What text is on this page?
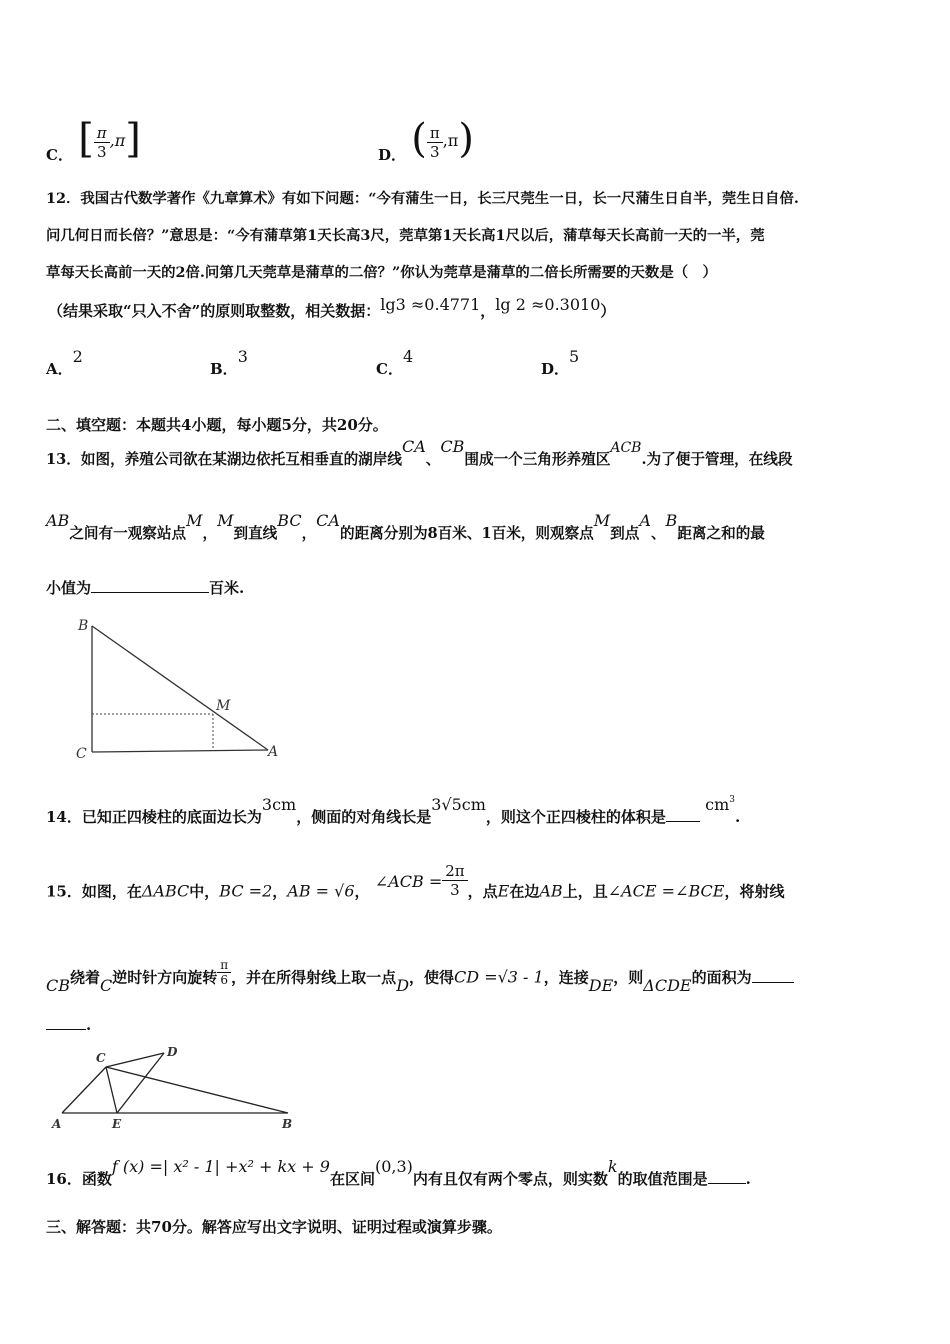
C． [ $\frac{\pi}{3} ,\pi$]	D． ( $\frac{\pi}{3} ,\pi$)
12．我国古代数学著作《九章算术》有如下问题：“今有蒲生一日，长三尺莞生一日，长一尺蒲生日自半，莞生日自倍.
问几何日而长倍？”意思是：“今有蒲草第1天长高3尺，莞草第1天长高1尺以后，蒲草每天长高前一天的一半，莞
草每天长高前一天的2倍.问第几天莞草是蒲草的二倍？”你认为莞草是蒲草的二倍长所需要的天数是（　）
（结果采取“只入不舍”的原则取整数，相关数据：lg3 ≈0.4771，lg 2 ≈0.3010）
A．2
B．3
C．4
D．5
二、填空题：本题共4小题，每小题5分，共20分。
13．如图，养殖公司欲在某湖边依托互相垂直的湖岸线CA、CB围成一个三角形养殖区ACB.为了便于管理，在线段
AB之间有一观察站点M，M到直线BC，CA的距离分别为8百米、1百米，则观察点M到点A、B距离之和的最
小值为	百米.
B
C
M
A
14．已知正四棱柱的底面边长为3cm，侧面的对角线长是3√5cm，则这个正四棱柱的体积是 $cm^3$.
15．如图，在ΔABC中，BC =2，AB = √6， ∠ACB = $\frac{2\pi}{3}$ ，点E在边AB上，且∠ACE =∠BCE，将射线
CB绕着C逆时针方向旋转 $\frac{\pi}{6}$ ，并在所得射线上取一点D，使得CD =√3 - 1，连接DE，则ΔCDE的面积为
.
C	D
A	E	B
16．函数f (x) =| x² - 1| +x² + kx + 9在区间(0,3)内有且仅有两个零点，则实数k的取值范围是	.
三、解答题：共70分。解答应写出文字说明、证明过程或演算步骤。
